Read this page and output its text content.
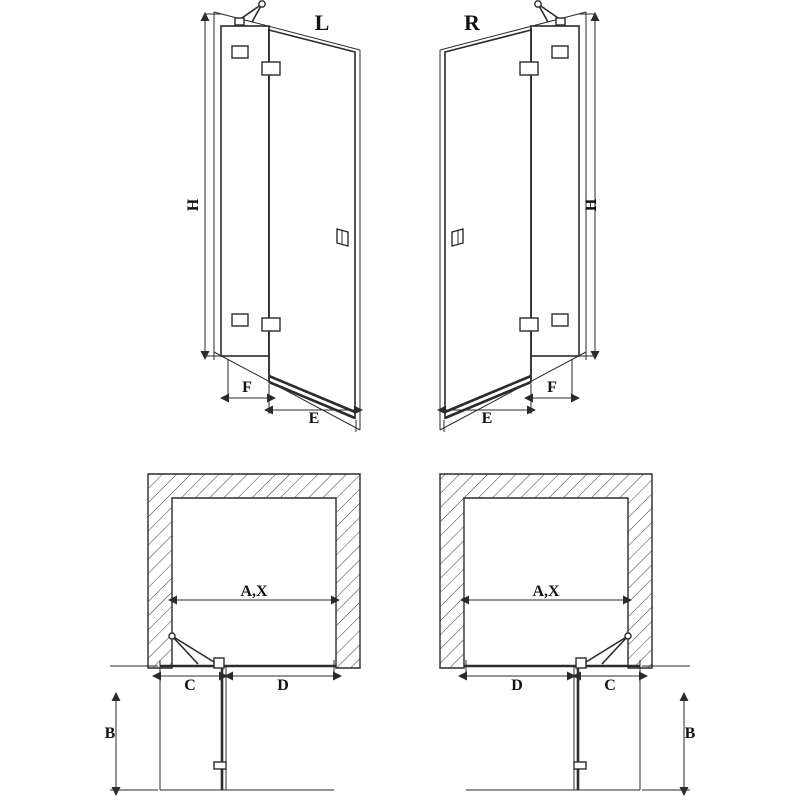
L	R
H	H
F
E	E
F
A,X	A,X
C	D	D	C
B	B
